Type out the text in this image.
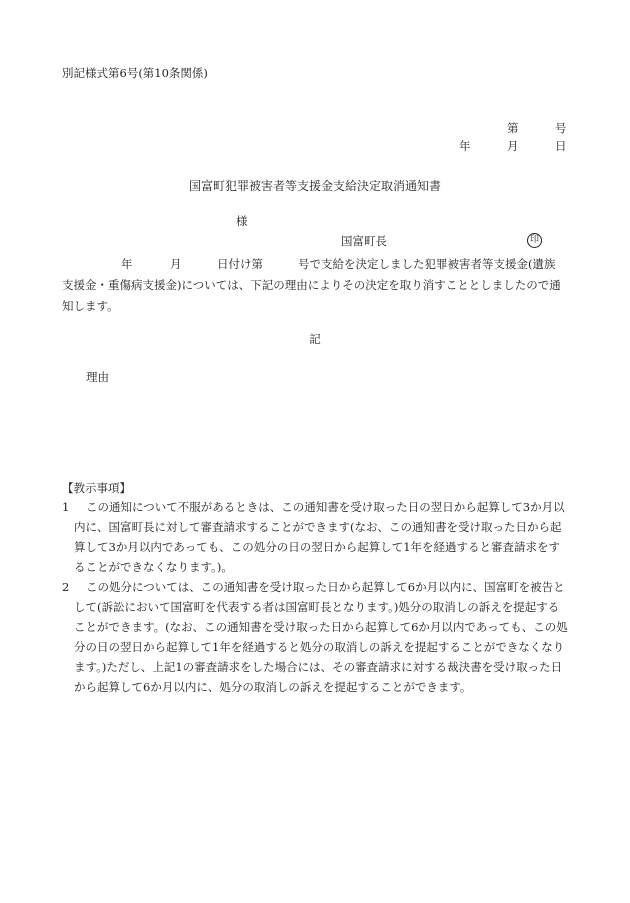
別記様式第6号(第10条関係)
第	号
年	月	日
国富町犯罪被害者等支援金支給決定取消通知書
様
国富町長	印
年	月	日付け第	号で支給を決定しました犯罪被害者等支援金(遺族
支援金・重傷病支援金)については、下記の理由によりその決定を取り消すこととしましたので通知します。
記
理由
【教示事項】
1	この通知について不服があるときは、この通知書を受け取った日の翌日から起算して3か月以内に、国富町長に対して審査請求することができます(なお、この通知書を受け取った日から起算して3か月以内であっても、この処分の日の翌日から起算して1年を経過すると審査請求をすることができなくなります。)。
2	この処分については、この通知書を受け取った日から起算して6か月以内に、国富町を被告として(訴訟において国富町を代表する者は国富町長となります。)処分の取消しの訴えを提起することができます。(なお、この通知書を受け取った日から起算して6か月以内であっても、この処分の日の翌日から起算して1年を経過すると処分の取消しの訴えを提起することができなくなります。)ただし、上記1の審査請求をした場合には、その審査請求に対する裁決書を受け取った日から起算して6か月以内に、処分の取消しの訴えを提起することができます。
